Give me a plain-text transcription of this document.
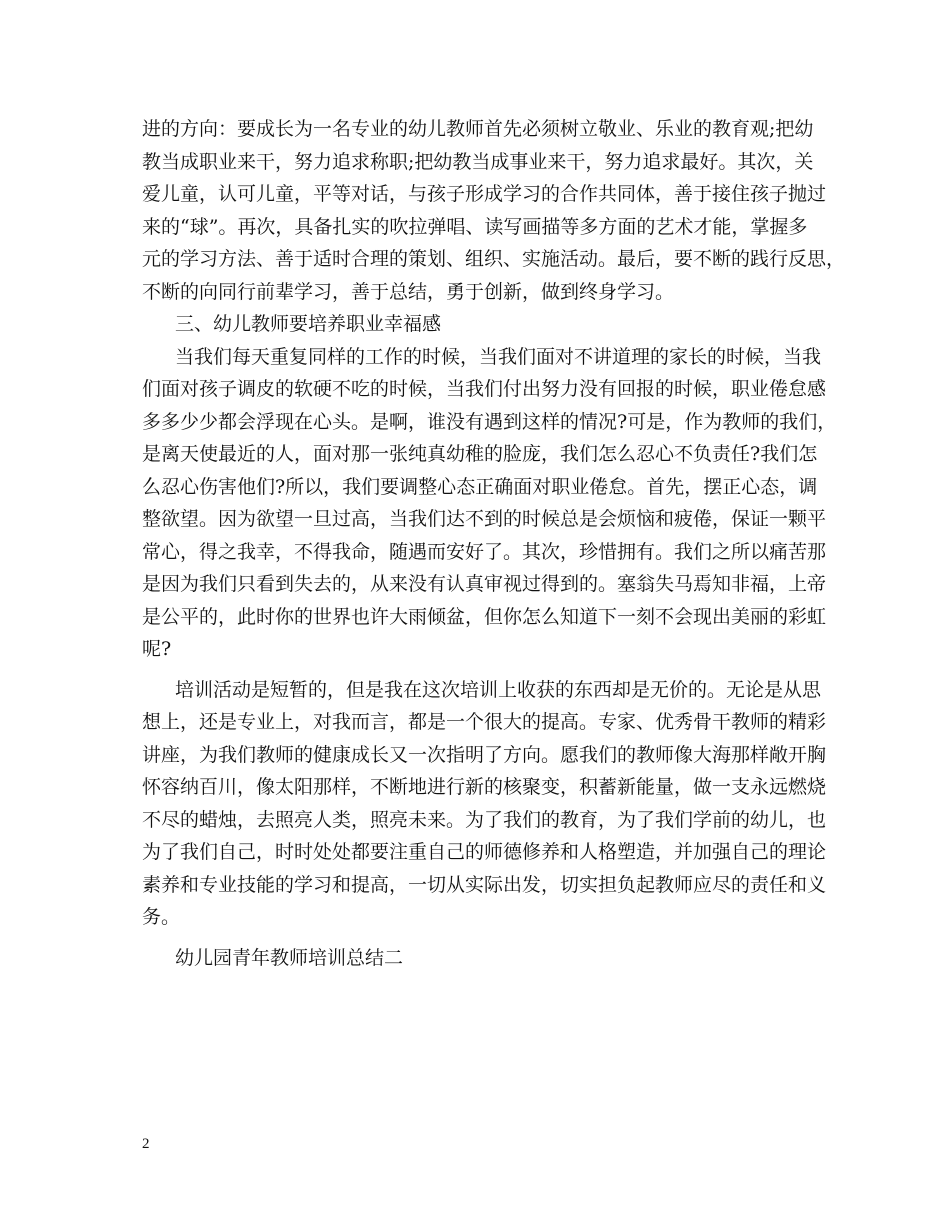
进的方向：要成长为一名专业的幼儿教师首先必须树立敬业、乐业的教育观;把幼
教当成职业来干，努力追求称职;把幼教当成事业来干，努力追求最好。其次，关
爱儿童，认可儿童，平等对话，与孩子形成学习的合作共同体，善于接住孩子抛过
来的“球”。再次，具备扎实的吹拉弹唱、读写画描等多方面的艺术才能，掌握多
元的学习方法、善于适时合理的策划、组织、实施活动。最后，要不断的践行反思，
不断的向同行前辈学习，善于总结，勇于创新，做到终身学习。
三、幼儿教师要培养职业幸福感
当我们每天重复同样的工作的时候，当我们面对不讲道理的家长的时候，当我
们面对孩子调皮的软硬不吃的时候，当我们付出努力没有回报的时候，职业倦怠感
多多少少都会浮现在心头。是啊，谁没有遇到这样的情况?可是，作为教师的我们，
是离天使最近的人，面对那一张纯真幼稚的脸庞，我们怎么忍心不负责任?我们怎
么忍心伤害他们?所以，我们要调整心态正确面对职业倦怠。首先，摆正心态，调
整欲望。因为欲望一旦过高，当我们达不到的时候总是会烦恼和疲倦，保证一颗平
常心，得之我幸，不得我命，随遇而安好了。其次，珍惜拥有。我们之所以痛苦那
是因为我们只看到失去的，从来没有认真审视过得到的。塞翁失马焉知非福，上帝
是公平的，此时你的世界也许大雨倾盆，但你怎么知道下一刻不会现出美丽的彩虹
呢?
培训活动是短暂的，但是我在这次培训上收获的东西却是无价的。无论是从思
想上，还是专业上，对我而言，都是一个很大的提高。专家、优秀骨干教师的精彩
讲座，为我们教师的健康成长又一次指明了方向。愿我们的教师像大海那样敞开胸
怀容纳百川，像太阳那样，不断地进行新的核聚变，积蓄新能量，做一支永远燃烧
不尽的蜡烛，去照亮人类，照亮未来。为了我们的教育，为了我们学前的幼儿，也
为了我们自己，时时处处都要注重自己的师德修养和人格塑造，并加强自己的理论
素养和专业技能的学习和提高，一切从实际出发，切实担负起教师应尽的责任和义
务。
幼儿园青年教师培训总结二
2
